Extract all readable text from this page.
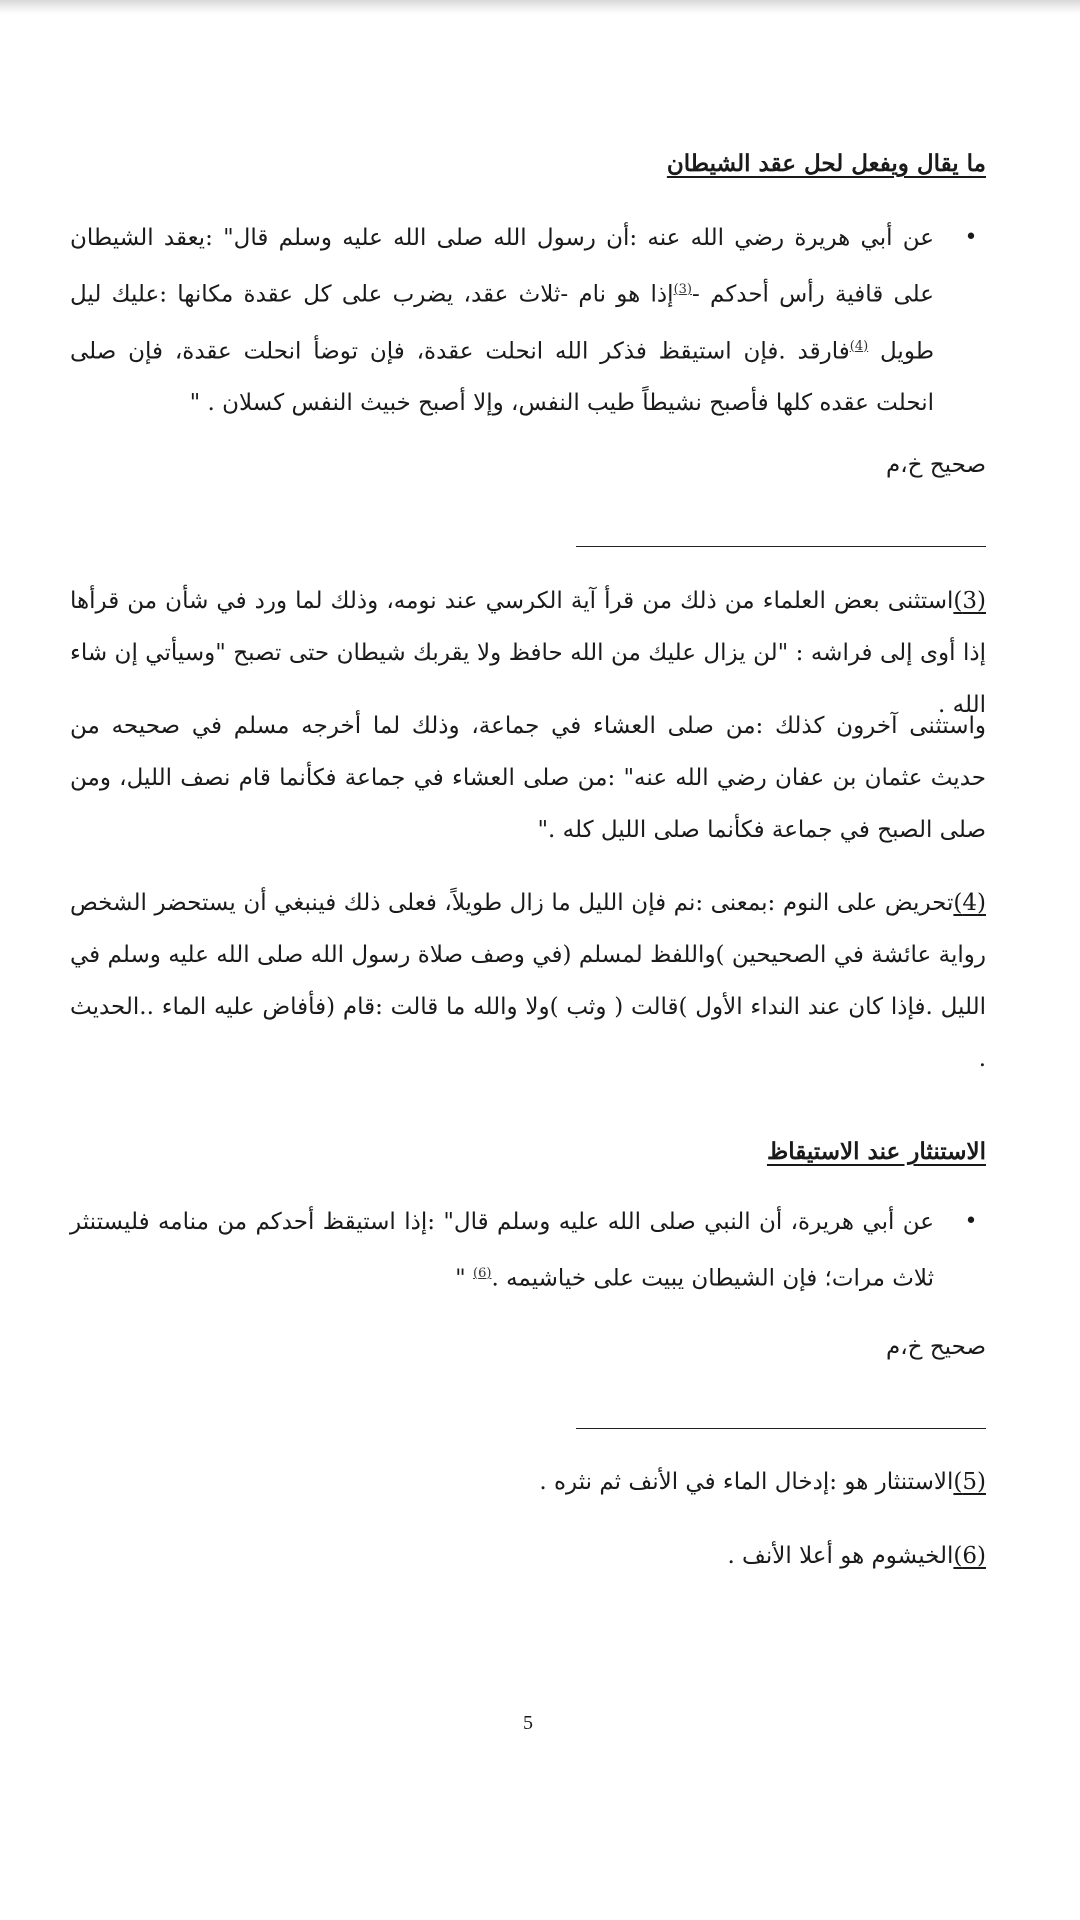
ما يقال ويفعل لحل عقد الشيطان
•
عن أبي هريرة رضي الله عنه :أن رسول الله صلى الله عليه وسلم قال" :يعقد الشيطان على قافية رأس أحدكم -$^{(3)}$إذا هو نام -ثلاث عقد، يضرب على كل عقدة مكانها :عليك ليل طويل $^{(4)}$فارقد .فإن استيقظ فذكر الله انحلت عقدة، فإن توضأ انحلت عقدة، فإن صلى انحلت عقده كلها فأصبح نشيطاً طيب النفس، وإلا أصبح خبيث النفس كسلان . "
صحيح خ،م
(3)استثنى بعض العلماء من ذلك من قرأ آية الكرسي عند نومه، وذلك لما ورد في شأن من قرأها إذا أوى إلى فراشه : "لن يزال عليك من الله حافظ ولا يقربك شيطان حتى تصبح "وسيأتي إن شاء الله .
واستثنى آخرون كذلك :من صلى العشاء في جماعة، وذلك لما أخرجه مسلم في صحيحه من حديث عثمان بن عفان رضي الله عنه" :من صلى العشاء في جماعة فكأنما قام نصف الليل، ومن صلى الصبح في جماعة فكأنما صلى الليل كله ."
(4)تحريض على النوم :بمعنى :نم فإن الليل ما زال طويلاً، فعلى ذلك فينبغي أن يستحضر الشخص رواية عائشة في الصحيحين )واللفظ لمسلم (في وصف صلاة رسول الله صلى الله عليه وسلم في الليل .فإذا كان عند النداء الأول )قالت ( وثب )ولا والله ما قالت :قام (فأفاض عليه الماء ..الحديث .
الاستنثار عند الاستيقاظ
•
عن أبي هريرة، أن النبي صلى الله عليه وسلم قال" :إذا استيقظ أحدكم من منامه فليستنثر ثلاث مرات؛ فإن الشيطان يبيت على خياشيمه .$^{(6)}$ "
صحيح خ،م
(5)الاستنثار هو :إدخال الماء في الأنف ثم نثره .
(6)الخيشوم هو أعلا الأنف .
5
